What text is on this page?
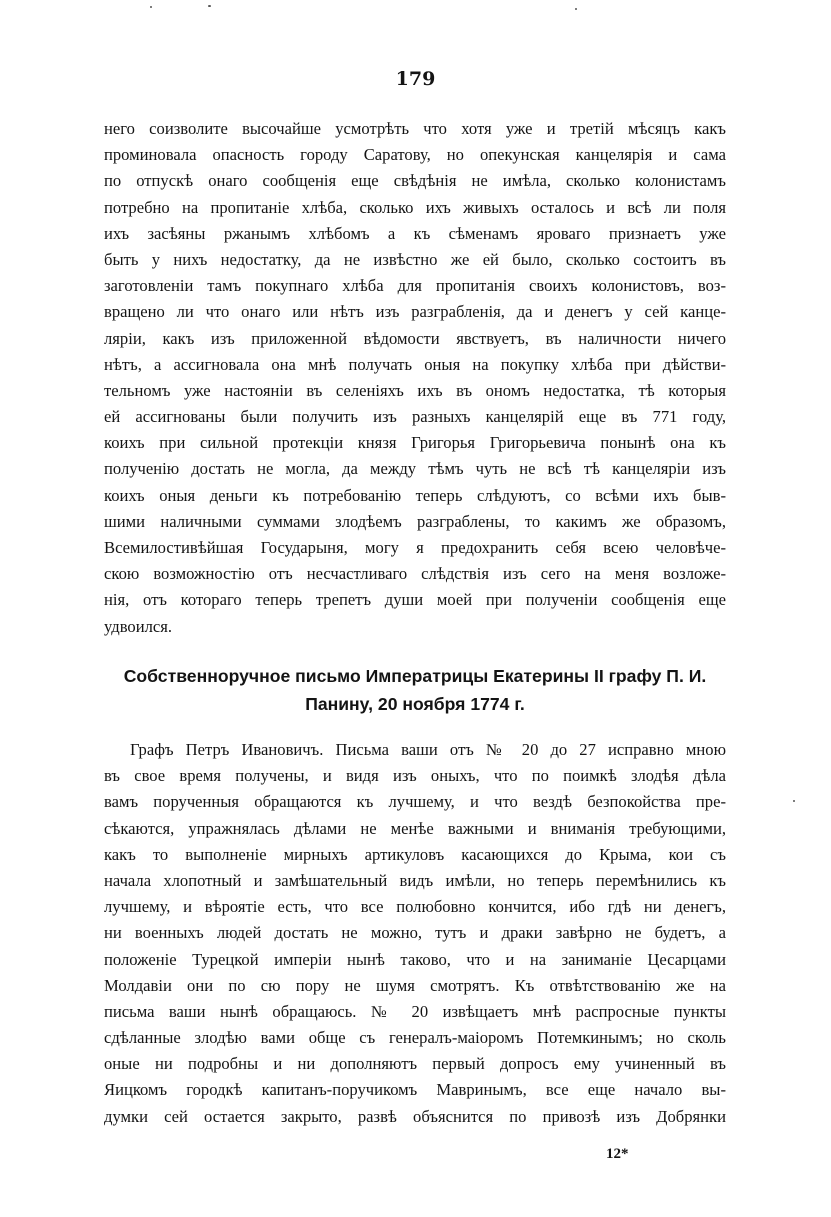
179
него соизволите высочайше усмотрѣть что хотя уже и третій мѣсяцъ какъ
проминовала опасность городу Саратову, но опекунская канцелярія и сама
по отпускѣ онаго сообщенія еще свѣдѣнія не имѣла, сколько колонистамъ
потребно на пропитаніе хлѣба, сколько ихъ живыхъ осталось и всѣ ли поля
ихъ засѣяны ржанымъ хлѣбомъ а къ сѣменамъ яроваго признаетъ уже
быть у нихъ недостатку, да не извѣстно же ей было, сколько состоитъ въ
заготовленіи тамъ покупнаго хлѣба для пропитанія своихъ колонистовъ, воз-
вращено ли что онаго или нѣтъ изъ разграбленія, да и денегъ у сей канце-
ляріи, какъ изъ приложенной вѣдомости явствуетъ, въ наличности ничего
нѣтъ, а ассигновала она мнѣ получать оныя на покупку хлѣба при дѣйстви-
тельномъ уже настояніи въ селеніяхъ ихъ въ ономъ недостатка, тѣ которыя
ей ассигнованы были получить изъ разныхъ канцелярій еще въ 771 году,
коихъ при сильной протекціи князя Григорья Григорьевича понынѣ она къ
полученію достать не могла, да между тѣмъ чуть не всѣ тѣ канцеляріи изъ
коихъ оныя деньги къ потребованію теперь слѣдуютъ, со всѣми ихъ быв-
шими наличными суммами злодѣемъ разграблены, то какимъ же образомъ,
Всемилостивѣйшая Государыня, могу я предохранить себя всею человѣче-
скою возможностію отъ несчастливаго слѣдствія изъ сего на меня возложе-
нія, отъ котораго теперь трепетъ души моей при полученіи сообщенія еще
удвоился.
Собственноручное письмо Императрицы Екатерины II графу П. И.
Панину, 20 ноября 1774 г.
Графъ Петръ Ивановичъ. Письма ваши отъ № 20 до 27 исправно мною
въ свое время получены, и видя изъ оныхъ, что по поимкѣ злодѣя дѣла
вамъ порученныя обращаются къ лучшему, и что вездѣ безпокойства пре-
сѣкаются, упражнялась дѣлами не менѣе важными и вниманія требующими,
какъ то выполненіе мирныхъ артикуловъ касающихся до Крыма, кои съ
начала хлопотный и замѣшательный видъ имѣли, но теперь перемѣнились къ
лучшему, и вѣроятіе есть, что все полюбовно кончится, ибо гдѣ ни денегъ,
ни военныхъ людей достать не можно, тутъ и драки завѣрно не будетъ, а
положеніе Турецкой имперіи нынѣ таково, что и на заниманіе Цесарцами
Молдавіи они по сю пору не шумя смотрятъ. Къ отвѣтствованію же на
письма ваши нынѣ обращаюсь. № 20 извѣщаетъ мнѣ распросные пункты
сдѣланные злодѣю вами обще съ генералъ-маіоромъ Потемкинымъ; но сколь
оные ни подробны и ни дополняютъ первый допросъ ему учиненный въ
Яицкомъ городкѣ капитанъ-поручикомъ Мавринымъ, все еще начало вы-
думки сей остается закрыто, развѣ объяснится по привозѣ изъ Добрянки
12*
